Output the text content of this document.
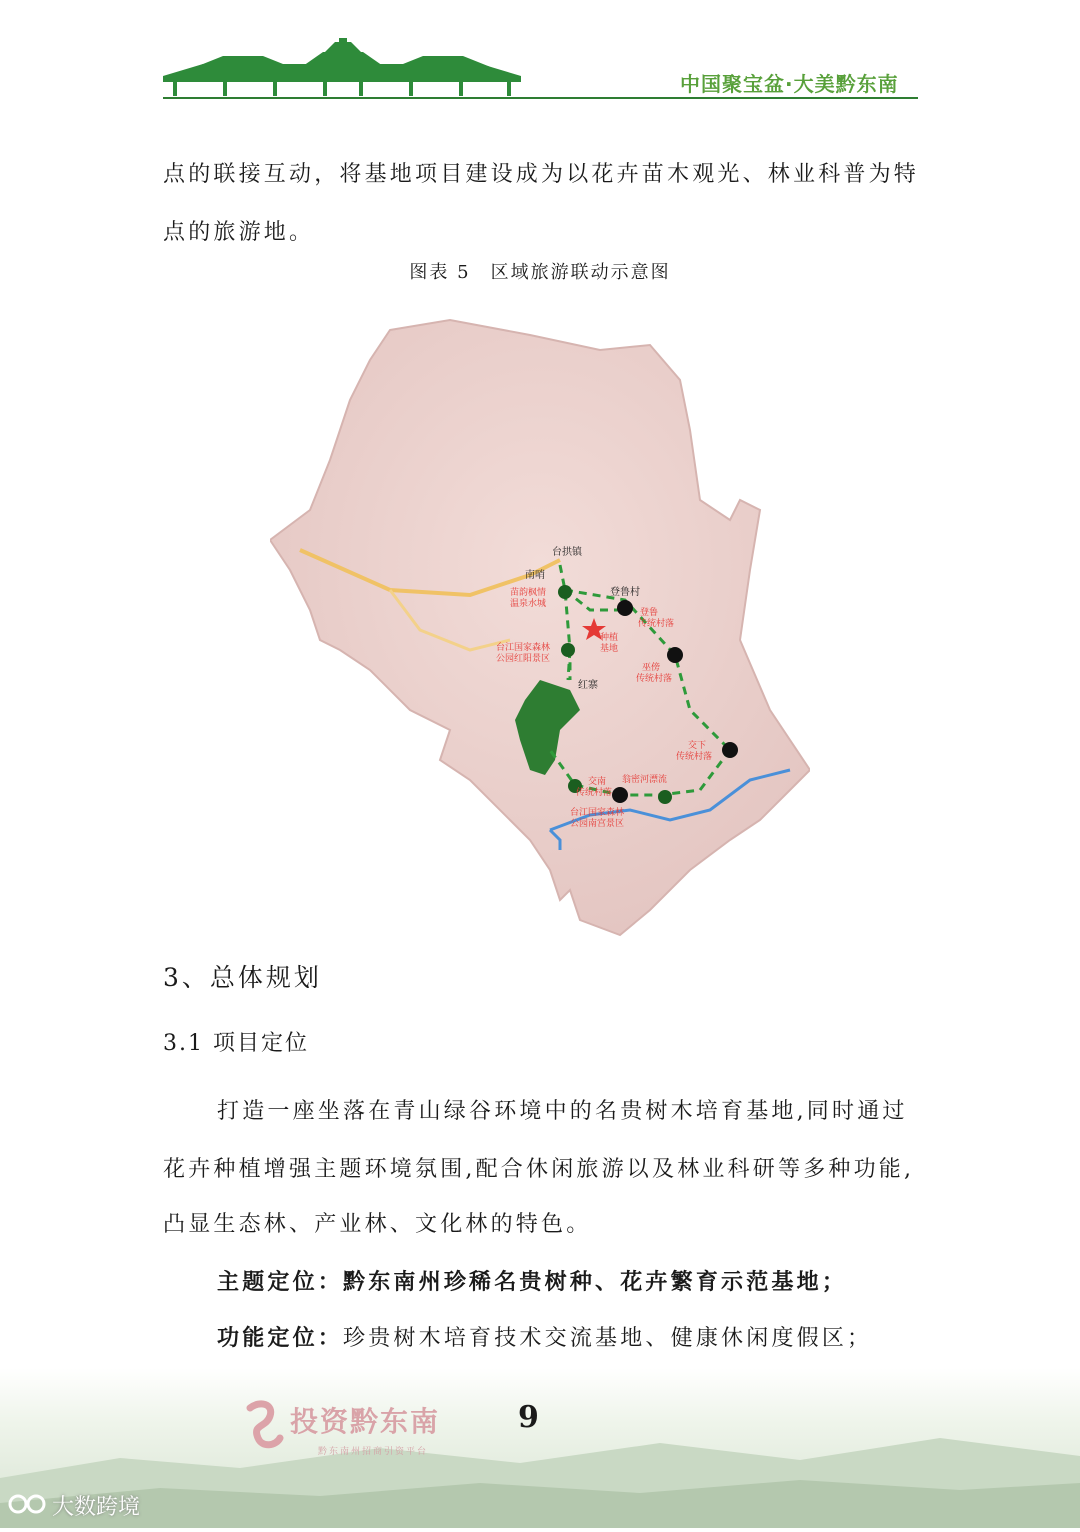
中国聚宝盆·大美黔东南
点的联接互动，将基地项目建设成为以花卉苗木观光、林业科普为特
点的旅游地。
图表 5　区域旅游联动示意图
台拱镇
南哨
苗韵枫情
温泉水城
登鲁村
登鲁
传统村落
种植
基地
台江国家森林
公园红阳景区
红寨
巫傍
传统村落
交下
传统村落
交南
传统村落
翁密河漂流
台江国家森林
公园南宫景区
3、总体规划
3.1 项目定位
打造一座坐落在青山绿谷环境中的名贵树木培育基地,同时通过
花卉种植增强主题环境氛围,配合休闲旅游以及林业科研等多种功能,
凸显生态林、产业林、文化林的特色。
主题定位：黔东南州珍稀名贵树种、花卉繁育示范基地；
功能定位：珍贵树木培育技术交流基地、健康休闲度假区；
投资黔东南
黔东南州招商引资平台
9
大数跨境
